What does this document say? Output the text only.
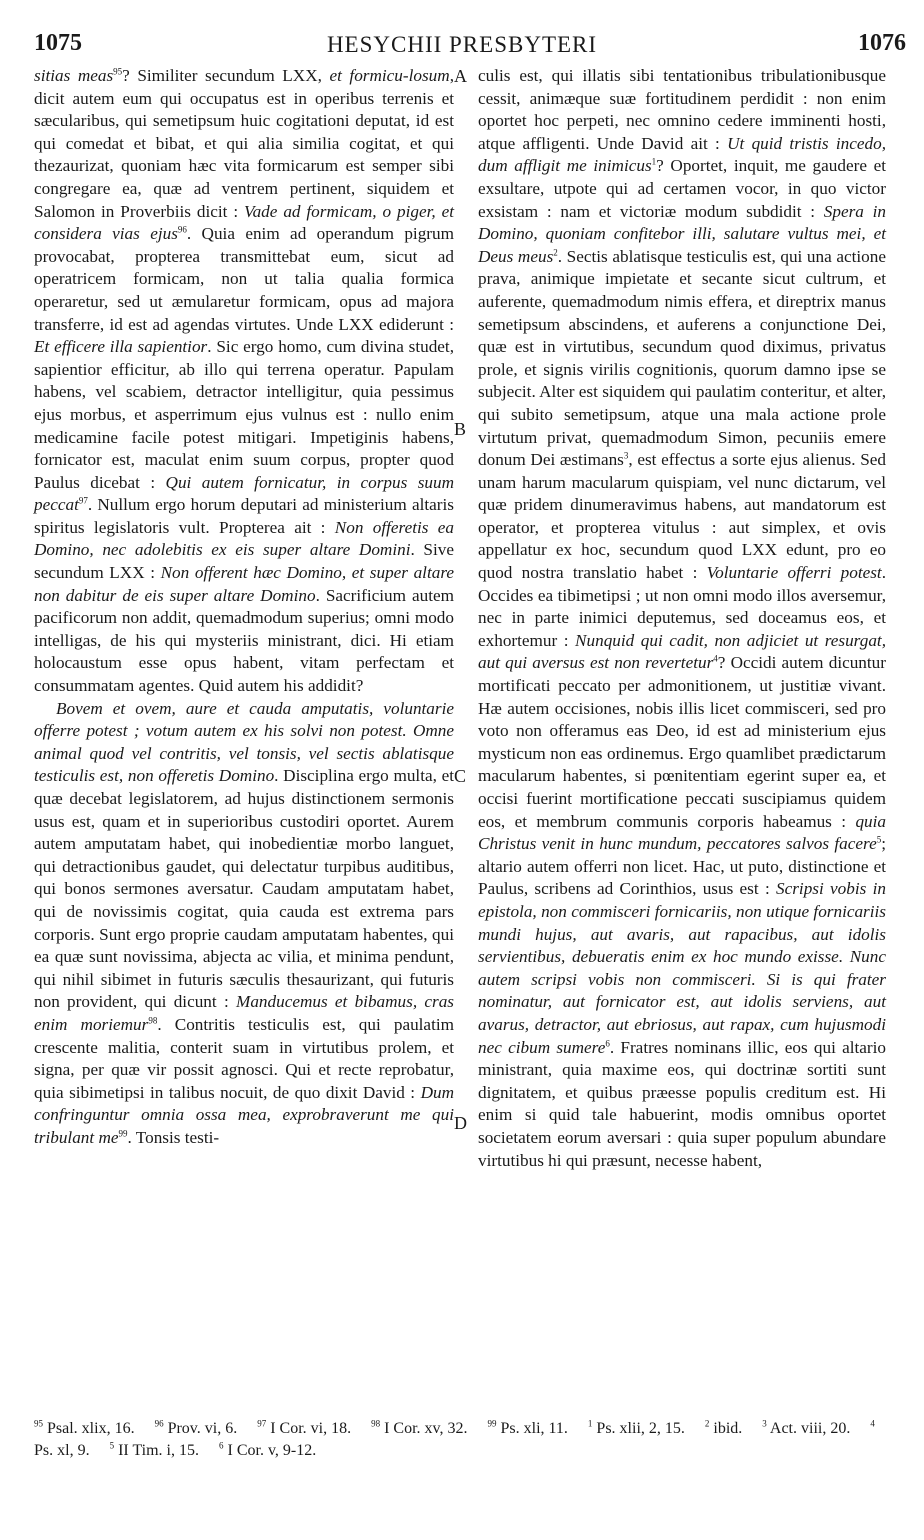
1075	HESYCHII PRESBYTERI	1076

sitias meas$^{95}$? Similiter secundum LXX, et formicu-losum, dicit autem eum qui occupatus est in operibus terrenis et sæcularibus, qui semetipsum huic cogitationi deputat, id est qui comedat et bibat, et qui alia similia cogitat, et qui thezaurizat, quoniam hæc vita formicarum est semper sibi congregare ea, quæ ad ventrem pertinent, siquidem et Salomon in Proverbiis dicit : Vade ad formicam, o piger, et considera vias ejus$^{96}$. Quia enim ad operandum pigrum provocabat, propterea transmittebat eum, sicut ad operatricem formicam, non ut talia qualia formica operaretur, sed ut æmularetur formicam, opus ad majora transferre, id est ad agendas virtutes. Unde LXX ediderunt : Et efficere illa sapientior. Sic ergo homo, cum divina studet, sapientior efficitur, ab illo qui terrena operatur. Papulam habens, vel scabiem, detractor intelligitur, quia pessimus ejus morbus, et asperrimum ejus vulnus est : nullo enim medicamine facile potest mitigari. Impetiginis habens, fornicator est, maculat enim suum corpus, propter quod Paulus dicebat : Qui autem fornicatur, in corpus suum peccat$^{97}$. Nullum ergo horum deputari ad ministerium altaris spiritus legislatoris vult. Propterea ait : Non offeretis ea Domino, nec adolebitis ex eis super altare Domini. Sive secundum LXX : Non offerent hæc Domino, et super altare non dabitur de eis super altare Domino. Sacrificium autem pacificorum non addit, quemadmodum superius; omni modo intelligas, de his qui mysteriis ministrant, dici. Hi etiam holocaustum esse opus habent, vitam perfectam et consummatam agentes. Quid autem his addidit?

Bovem et ovem, aure et cauda amputatis, voluntarie offerre potest ; votum autem ex his solvi non potest. Omne animal quod vel contritis, vel tonsis, vel sectis ablatisque testiculis est, non offeretis Domino. Disciplina ergo multa, et quæ decebat legislatorem, ad hujus distinctionem sermonis usus est, quam et in superioribus custodiri oportet. Aurem autem amputatam habet, qui inobedientiæ morbo languet, qui detractionibus gaudet, qui delectatur turpibus auditibus, qui bonos sermones aversatur. Caudam amputatam habet, qui de novissimis cogitat, quia cauda est extrema pars corporis. Sunt ergo proprie caudam amputatam habentes, qui ea quæ sunt novissima, abjecta ac vilia, et minima pendunt, qui nihil sibimet in futuris sæculis thesaurizant, qui futuris non provident, qui dicunt : Manducemus et bibamus, cras enim moriemur$^{98}$. Contritis testiculis est, qui paulatim crescente malitia, conterit suam in virtutibus prolem, et signa, per quæ vir possit agnosci. Qui et recte reprobatur, quia sibimetipsi in talibus nocuit, de quo dixit David : Dum confringuntur omnia ossa mea, exprobraverunt me qui tribulant $me^{99}$. Tonsis testi-

culis est, qui illatis sibi tentationibus tribulationibusque cessit, animæque suæ fortitudinem perdidit : non enim oportet hoc perpeti, nec omnino cedere imminenti hosti, atque affligenti. Unde David ait : Ut quid tristis incedo, dum affligit me inimicus$^1$? Oportet, inquit, me gaudere et exsultare, utpote qui ad certamen vocor, in quo victor exsistam : nam et victoriæ modum subdidit : Spera in Domino, quoniam confitebor illi, salutare vultus mei, et Deus meus$^2$. Sectis ablatisque testiculis est, qui una actione prava, animique impietate et secante sicut cultrum, et auferente, quemadmodum nimis effera, et direptrix manus semetipsum abscindens, et auferens a conjunctione Dei, quæ est in virtutibus, secundum quod diximus, privatus prole, et signis virilis cognitionis, quorum damno ipse se subjecit. Alter est siquidem qui paulatim conteritur, et alter, qui subito semetipsum, atque una mala actione prole virtutum privat, quemadmodum Simon, pecuniis emere donum Dei æstimans$^3$, est effectus a sorte ejus alienus. Sed unam harum macularum quispiam, vel nunc dictarum, vel quæ pridem dinumeravimus habens, aut mandatorum est operator, et propterea vitulus : aut simplex, et ovis appellatur ex hoc, secundum quod LXX edunt, pro eo quod nostra translatio habet : Voluntarie offerri potest. Occides ea tibimetipsi ; ut non omni modo illos aversemur, nec in parte inimici deputemus, sed doceamus eos, et exhortemur : Nunquid qui cadit, non adjiciet ut resurgat, aut qui aversus est non revertetur$^4$? Occidi autem dicuntur mortificati peccato per admonitionem, ut justitiæ vivant. Hæ autem occisiones, nobis illis licet commisceri, sed pro voto non offeramus eas Deo, id est ad ministerium ejus mysticum non eas ordinemus. Ergo quamlibet prædictarum macularum habentes, si pœnitentiam egerint super ea, et occisi fuerint mortificatione peccati suscipiamus quidem eos, et membrum communis corporis habeamus : quia Christus venit in hunc mundum, peccatores salvos facere$^5$; altario autem offerri non licet. Hac, ut puto, distinctione et Paulus, scribens ad Corinthios, usus est : Scripsi vobis in epistola, non commisceri fornicariis, non utique fornicariis mundi hujus, aut avaris, aut rapacibus, aut idolis servientibus, debueratis enim ex hoc mundo exisse. Nunc autem scripsi vobis non commisceri. Si is qui frater nominatur, aut fornicator est, aut idolis serviens, aut avarus, detractor, aut ebriosus, aut rapax, cum hujusmodi nec cibum sumere$^6$. Fratres nominans illic, eos qui altario ministrant, quia maxime eos, qui doctrinæ sortiti sunt dignitatem, et quibus præesse populis creditum est. Hi enim si quid tale habuerint, modis omnibus oportet societatem eorum aversari : quia super populum abundare virtutibus hi qui præsunt, necesse habent,

A
B
C
D
$^{95}$ Psal. xlix, 16. $^{96}$ Prov. vi, 6. $^{97}$ I Cor. vi, 18. $^{98}$ I Cor. xv, 32. $^{99}$ Ps. xli, 11. $^1$ Ps. xlii, 2, 15. $^2$ ibid. $^3$ Act. viii, 20. $^4$ Ps. xl, 9. $^5$ II Tim. i, 15. $^6$ I Cor. v, 9-12.
